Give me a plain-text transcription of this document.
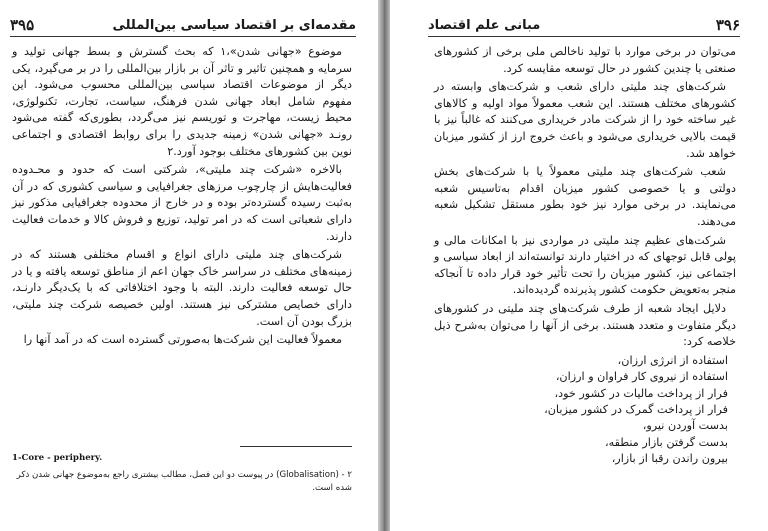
مقدمه‌ای بر اقتصاد سیاسی بین‌المللی
۳۹۵

موضوع «جهانی شدن»،۱ که بحث گسترش و بسط جهانی تولید و سرمایه و همچنین تاثیر و تاثر آن بر بازار بین‌المللی را در بر می‌گیرد، یکی دیگر از موضوعات اقتصاد سیاسی بین‌المللی محسوب می‌شود. این مفهوم شامل ابعاد جهانی شدن فرهنگ، سیاست، تجارت، تکنولوژی، محیط زیست، مهاجرت و توریسم نیز می‌گردد، بطوری‌که گفته می‌شود رونـد «جهانی شدن» زمینه جدیدی را برای روابط اقتصادی و اجتماعی نوین بین کشورهای مختلف بوجود آورد.۲

بالاخره «شرکت چند ملیتی»، شرکتی است که حدود و محـدوده فعالیت‌هایش از چارچوب مرزهای جغرافیایی و سیاسی کشوری که در آن به‌ثبت رسیده گسترده‌تر بوده و در خارج از محدوده جغرافیایی مذکور نیز دارای شعباتی است که در امر تولید، توزیع و فروش کالا و خدمات فعالیت دارند.

شرکت‌های چند ملیتی دارای انواع و اقسام مختلفی هستند که در زمینه‌های مختلف در سراسر خاک جهان اعم از مناطق توسعه یافته و یا در حال توسعه فعالیت دارند. البته با وجود اختلافاتی که با یک‌دیگر دارنـد، دارای خصایص مشترکی نیز هستند. اولین خصیصه شرکت چند ملیتی، بزرگ بودن آن است.

معمولاً فعالیت این شرکت‌ها به‌صورتی گسترده است که در آمد آنها را

1-Core - periphery.
۲ - (Globalisation) در پیوست دو این فصل، مطالب بیشتری راجع به‌موضوع جهانی شدن ذکر شده است.
۳۹۶
مبانی علم اقتصاد

می‌توان در برخی موارد با تولید ناخالص ملی برخی از کشورهای صنعتی یا چندین کشور در حال توسعه مقایسه کرد.

شرکت‌های چند ملیتی دارای شعب و شرکت‌های وابسته در کشورهای مختلف هستند. این شعب معمولاً مواد اولیه و کالاهای غیر ساخته خود را از شرکت مادر خریداری می‌کنند که غالباً نیز با قیمت بالایی خریداری می‌شود و باعث خروج ارز از کشور میزبان خواهد شد.

شعب شرکت‌های چند ملیتی معمولاً یا با شرکت‌های بخش دولتی و یا خصوصی کشور میزبان اقدام به‌تاسیس شعبه می‌نمایند. در برخی موارد نیز خود بطور مستقل تشکیل شعبه می‌دهند.

شرکت‌های عظیم چند ملیتی در مواردی نیز با امکانات مالی و پولی قابل توجهای که در اختیار دارند توانسته‌اند از ابعاد سیاسی و اجتماعی نیز، کشور میزبان را تحت تأثیر خود قرار داده تا آنجاکه منجر به‌تعویض حکومت کشور پذیرنده گردیده‌اند.

دلایل ایجاد شعبه از طرف شرکت‌های چند ملیتی در کشورهای دیگر متفاوت و متعدد هستند. برخی از آنها را می‌توان به‌شرح ذیل خلاصه کرد:

استفاده از انرژی ارزان،
استفاده از نیروی کار فراوان و ارزان،
فرار از پرداخت مالیات در کشور خود،
فرار از پرداخت گمرک در کشور میزبان،
بدست آوردن نیرو،
بدست گرفتن بازار منطقه،
بیرون راندن رقبا از بازار،
